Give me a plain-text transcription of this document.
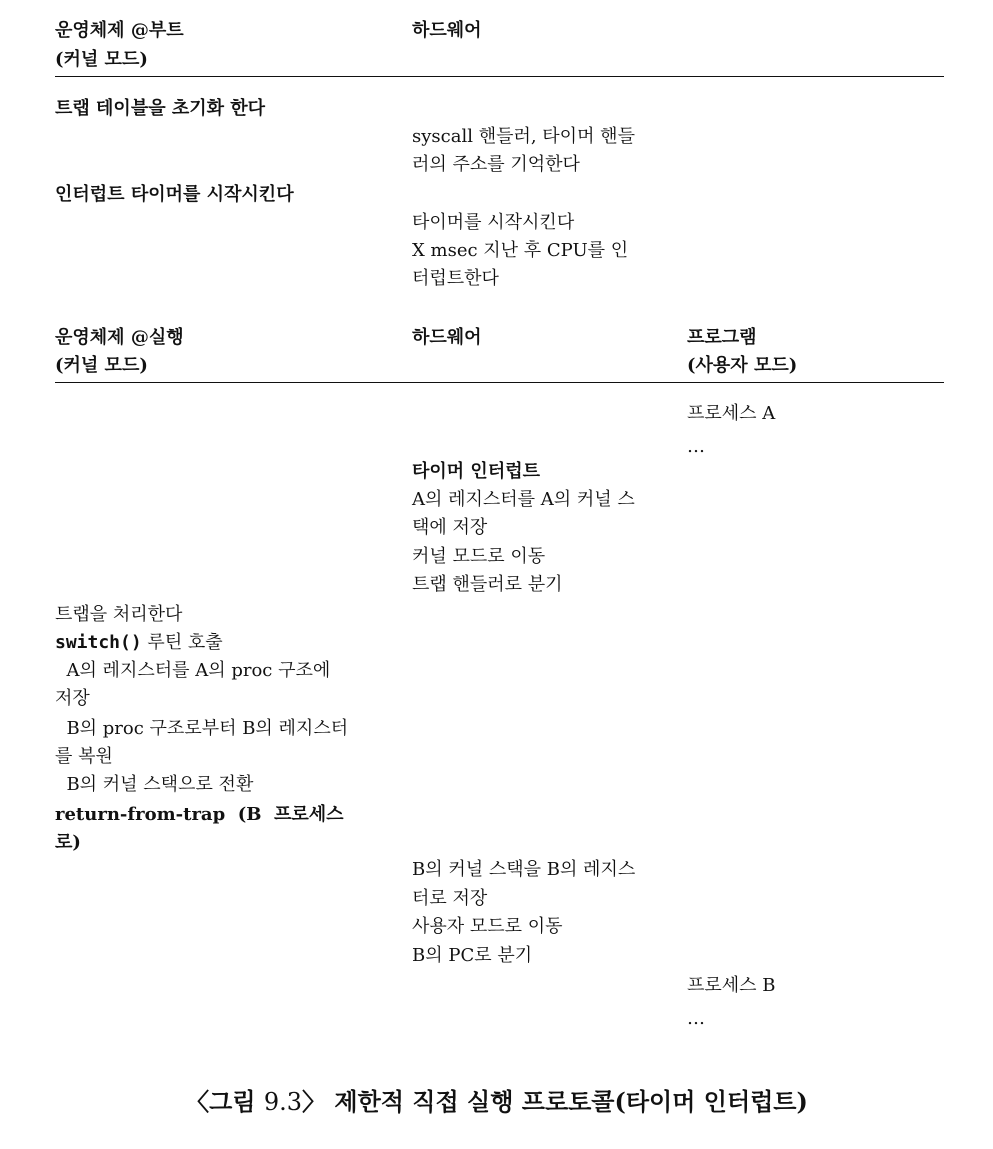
운영체제 @부트
(커널 모드)
하드웨어
트랩 테이블을 초기화 한다
syscall 핸들러, 타이머 핸들
러의 주소를 기억한다
인터럽트 타이머를 시작시킨다
타이머를 시작시킨다
X msec 지난 후 CPU를 인
터럽트한다
운영체제 @실행
(커널 모드)
하드웨어	프로그램
(사용자 모드)
프로세스 A
…
타이머 인터럽트
A의 레지스터를 A의 커널 스
택에 저장
커널 모드로 이동
트랩 핸들러로 분기
트랩을 처리한다
switch() 루틴 호출
A의 레지스터를 A의 proc 구조에
저장
B의 proc 구조로부터 B의 레지스터
를 복원
B의 커널 스택으로 전환
return-from-trap  (B  프로세스
로)
B의 커널 스택을 B의 레지스
터로 저장
사용자 모드로 이동
B의 PC로 분기
프로세스 B
…
〈그림 9.3〉 제한적 직접 실행 프로토콜(타이머 인터럽트)
